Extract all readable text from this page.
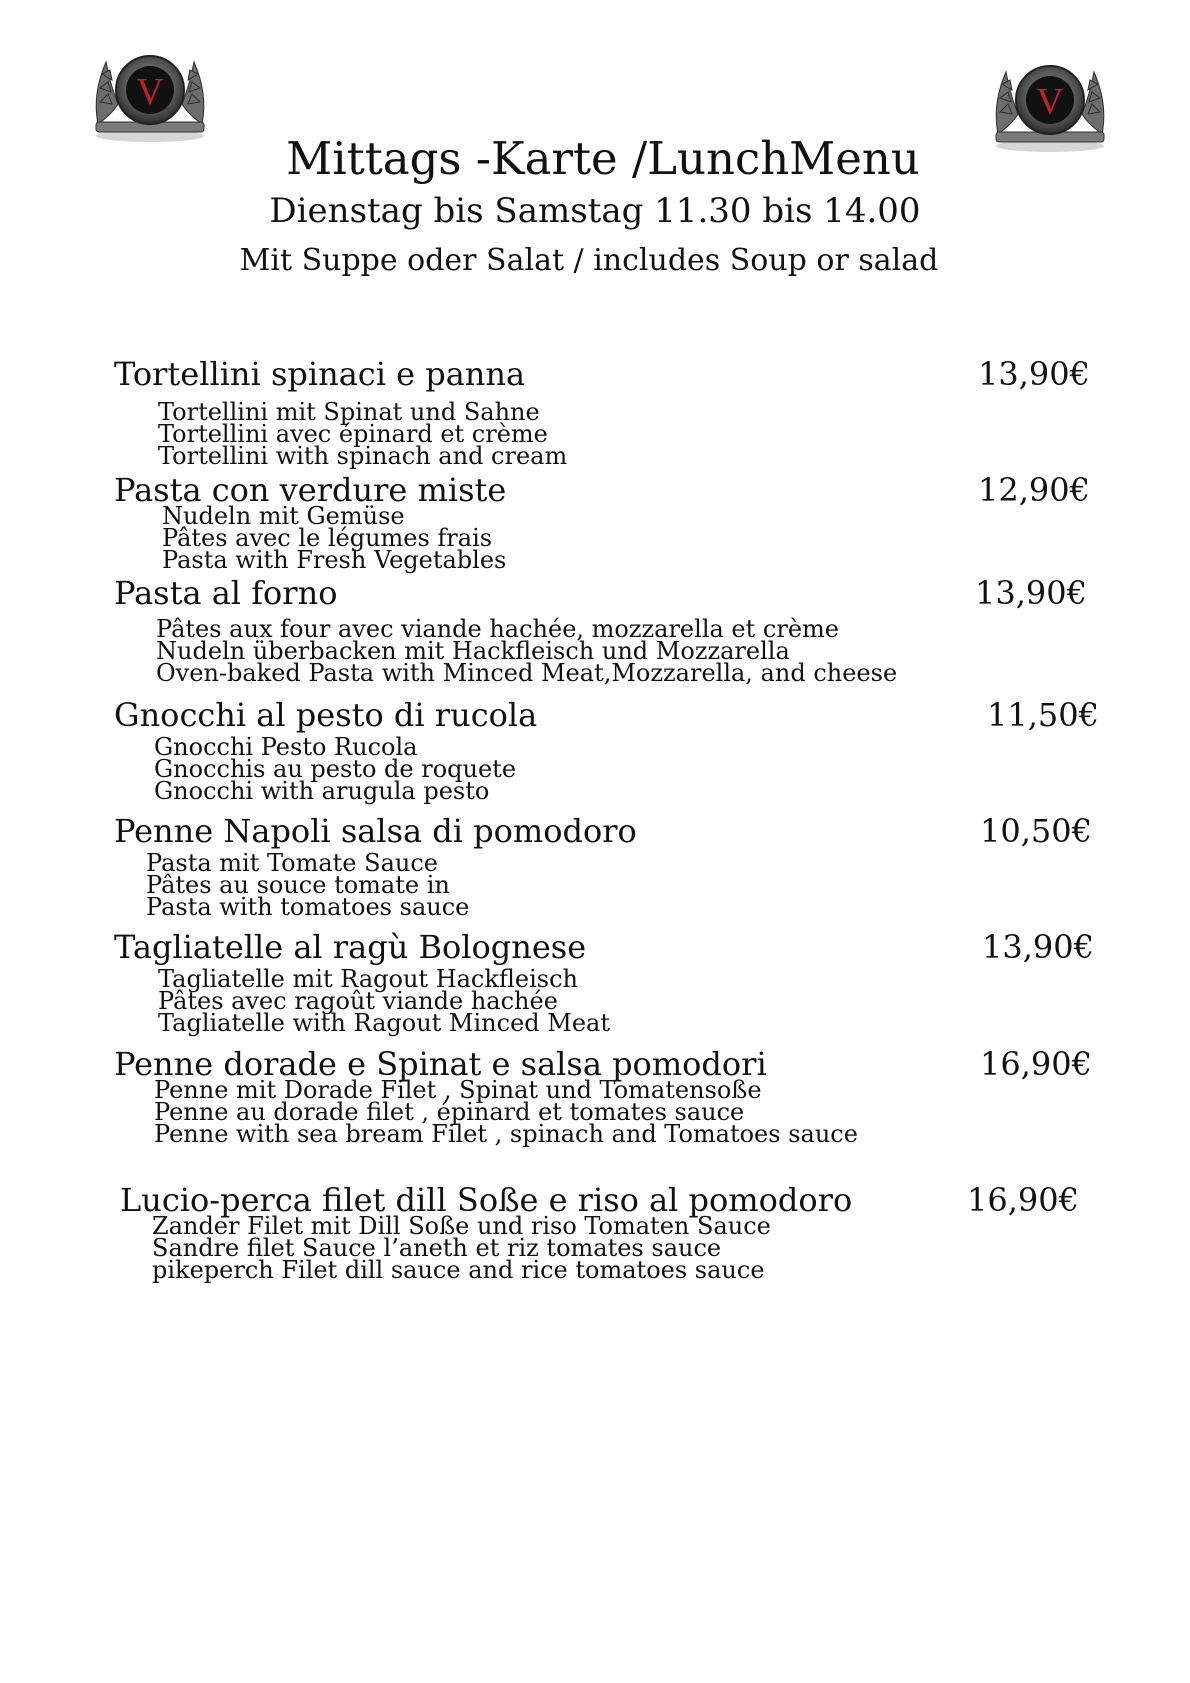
V	V
Mittags -Karte /LunchMenu
Dienstag bis Samstag 11.30 bis 14.00
Mit Suppe oder Salat / includes Soup or salad
Tortellini spinaci e panna	13,90€
Tortellini mit Spinat und Sahne
Tortellini avec épinard et crème
Tortellini with spinach and cream
Pasta con verdure miste	12,90€
Nudeln mit Gemüse
Pâtes avec le légumes frais
Pasta with Fresh Vegetables
Pasta al forno	13,90€
Pâtes aux four avec viande hachée, mozzarella et crème
Nudeln überbacken mit Hackfleisch und Mozzarella
Oven-baked Pasta with Minced Meat,Mozzarella, and cheese
Gnocchi al pesto di rucola	11,50€
Gnocchi Pesto Rucola
Gnocchis au pesto de roquete
Gnocchi with arugula pesto
Penne Napoli salsa di pomodoro	10,50€
Pasta mit Tomate Sauce
Pâtes au souce tomate in
Pasta with tomatoes sauce
Tagliatelle al ragù Bolognese	13,90€
Tagliatelle mit Ragout Hackfleisch
Pâtes avec ragoût viande hachée
Tagliatelle with Ragout Minced Meat
Penne dorade e Spinat e salsa pomodori	16,90€
Penne mit Dorade Filet , Spinat und Tomatensoße
Penne au dorade filet , épinard et tomates sauce
Penne with sea bream Filet , spinach and Tomatoes sauce
Lucio-perca filet dill Soße e riso al pomodoro	16,90€
Zander Filet mit Dill Soße und riso Tomaten Sauce
Sandre filet Sauce l’aneth et riz tomates sauce
pikeperch Filet dill sauce and rice tomatoes sauce
